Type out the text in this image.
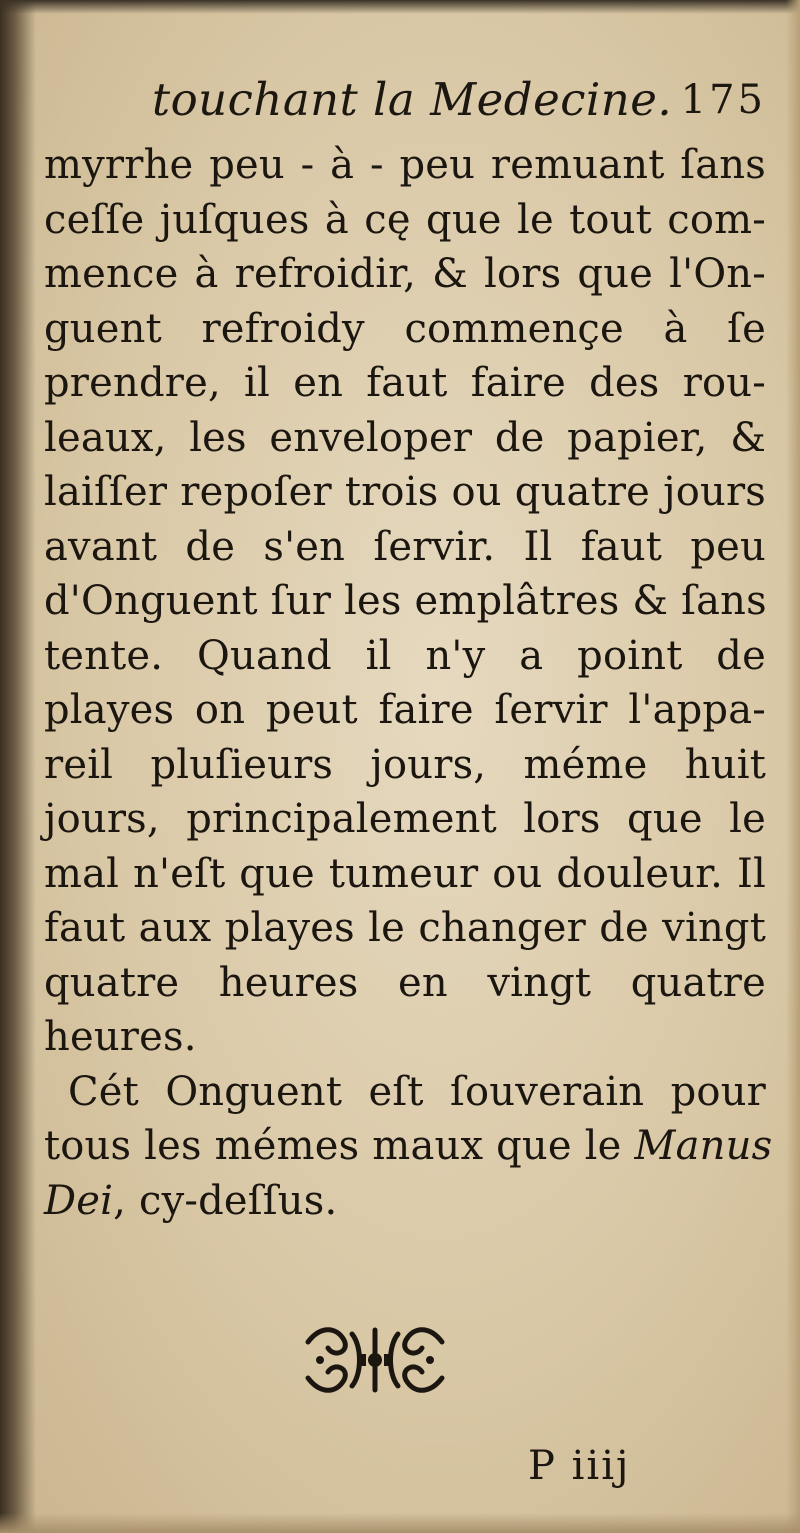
touchant la Medecine. 175
myrrhe peu - à - peu remuant ſans
ceſſe juſques à cę que le tout com-
mence à refroidir, & lors que l'On-
guent refroidy commençe à ſe
prendre, il en faut faire des rou-
leaux, les enveloper de papier, &
laiſſer repoſer trois ou quatre jours
avant de s'en ſervir. Il faut peu
d'Onguent ſur les emplâtres & ſans
tente. Quand il n'y a point de
playes on peut faire ſervir l'appa-
reil pluſieurs jours, méme huit
jours, principalement lors que le
mal n'eſt que tumeur ou douleur. Il
faut aux playes le changer de vingt
quatre heures en vingt quatre
heures.
Cét Onguent eſt ſouverain pour
tous les mémes maux que le Manus
Dei, cy-deſſus.
P iiij
